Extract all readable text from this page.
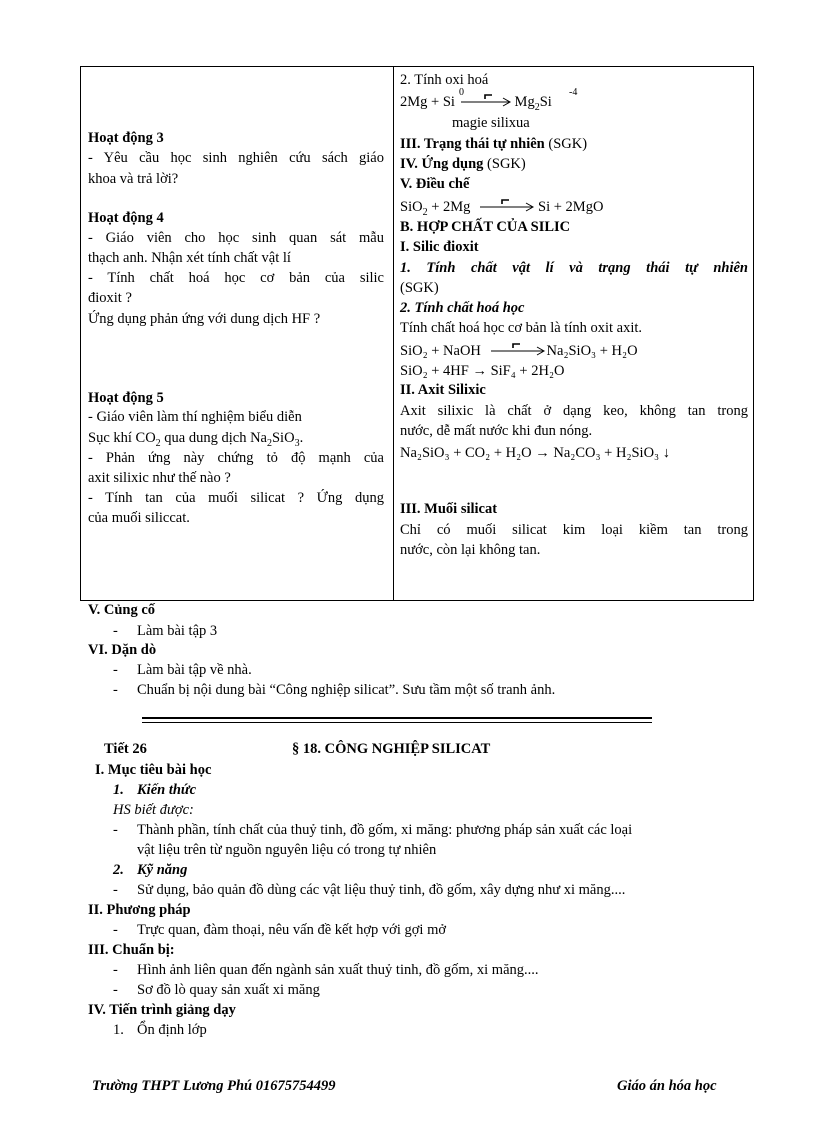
Hoạt động 3
- Yêu cầu học sinh nghiên cứu sách giáo
khoa và trả lời?
Hoạt động 4
- Giáo viên cho học sinh quan sát mẫu
thạch anh. Nhận xét tính chất vật lí
- Tính chất hoá học cơ bản của silic
đioxit ?
Ứng dụng phản ứng với dung dịch HF ?
Hoạt động 5
- Giáo viên làm thí nghiệm biểu diễn
Sục khí $CO_2$ qua dung dịch $Na_2SiO_3$.
- Phản ứng này chứng tỏ độ mạnh của
axit silixic như thế nào ?
- Tính tan của muối silicat ? Ứng dụng
của muối siliccat.
2. Tính oxi hoá
2Mg + Si
0

→ $Mg_2Si$
-4
magie silixua
III. Trạng thái tự nhiên (SGK)
IV. Ứng dụng (SGK)
V. Điều chế
SiO$_2$ + 2Mg → Si + 2MgO
B. HỢP CHẤT CỦA SILIC
I. Silic đioxit
1. Tính chất vật lí và trạng thái tự nhiên
(SGK)
2. Tính chất hoá học
Tính chất hoá học cơ bản là tính oxit axit.
SiO₂ + NaOH → Na₂SiO₃ + H₂O
SiO₂ + 4HF → SiF₄ + 2H₂O
II. Axit Silixic
Axit silixic là chất ở dạng keo, không tan trong
nước, dễ mất nước khi đun nóng.
Na₂SiO₃ + CO₂ + H₂O → Na₂CO₃ + H₂SiO₃ ↓
III. Muối silicat
Chỉ có muối silicat kim loại kiềm tan trong
nước, còn lại không tan.
V. Củng cố
- Làm bài tập 3
VI. Dặn dò
- Làm bài tập về nhà.
- Chuẩn bị nội dung bài “Công nghiệp silicat”. Sưu tầm một số tranh ảnh.
Tiết 26	§ 18. CÔNG NGHIỆP SILICAT
I. Mục tiêu bài học
1. Kiến thức
HS biết được:
- Thành phần, tính chất của thuỷ tinh, đồ gốm, xi măng: phương pháp sản xuất các loại
vật liệu trên từ nguồn nguyên liệu có trong tự nhiên
2. Kỹ năng
- Sử dụng, bảo quản đồ dùng các vật liệu thuỷ tinh, đồ gốm, xây dựng như xi măng....
II. Phương pháp
- Trực quan, đàm thoại, nêu vấn đề kết hợp với gợi mở
III. Chuẩn bị:
- Hình ảnh liên quan đến ngành sản xuất thuỷ tinh, đồ gốm, xi măng....
- Sơ đồ lò quay sản xuất xi măng
IV. Tiến trình giảng dạy
1. Ổn định lớp
Trường THPT Lương Phú 01675754499	Giáo án hóa học
